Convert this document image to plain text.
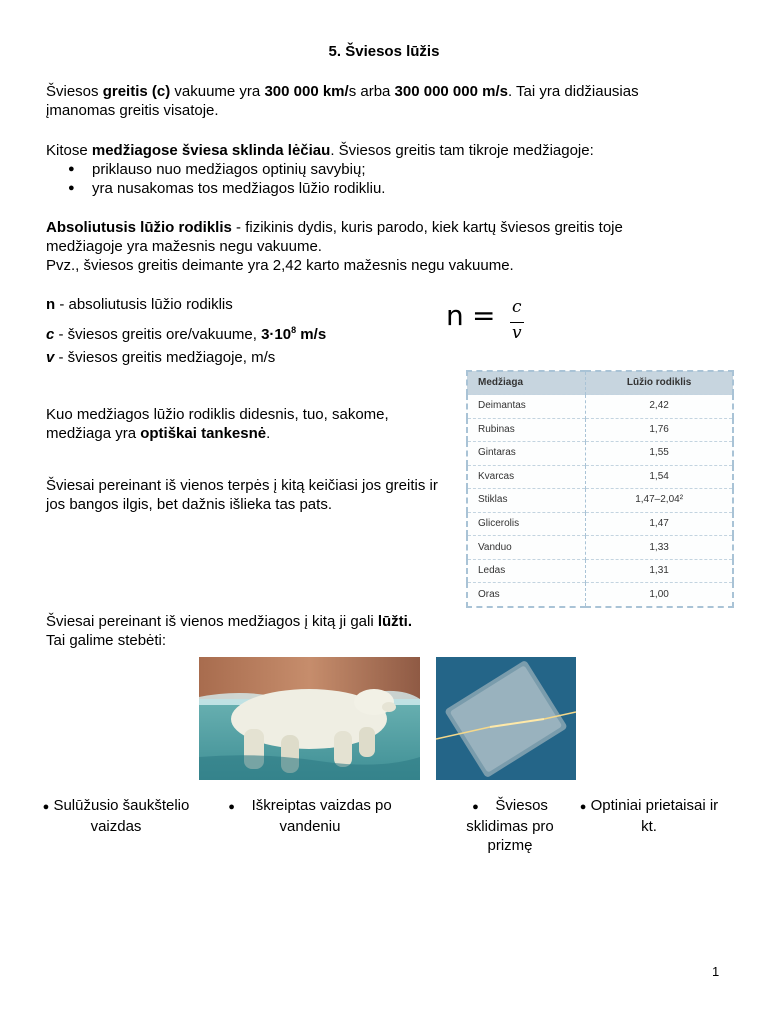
5. Šviesos lūžis
Šviesos greitis (c) vakuume yra 300 000 km/s arba 300 000 000 m/s. Tai yra didžiausias įmanomas greitis visatoje.
Kitose medžiagose šviesa sklinda lėčiau. Šviesos greitis tam tikroje medžiagoje:
● priklauso nuo medžiagos optinių savybių;
● yra nusakomas tos medžiagos lūžio rodikliu.
Absoliutusis lūžio rodiklis - fizikinis dydis, kuris parodo, kiek kartų šviesos greitis toje medžiagoje yra mažesnis negu vakuume.
Pvz., šviesos greitis deimante yra 2,42 karto mažesnis negu vakuume.
n - absoliutusis lūžio rodiklis
c - šviesos greitis ore/vakuume, $3\cdot 10^8$ m/s
v - šviesos greitis medžiagoje, m/s
n = c
v
Medžiaga	Lūžio rodiklis
Deimantas	2,42
Rubinas	1,76
Gintaras	1,55
Kvarcas	1,54
Stiklas	1,47–2,04²
Glicerolis	1,47
Vanduo	1,33
Ledas	1,31
Oras	1,00
Kuo medžiagos lūžio rodiklis didesnis, tuo, sakome, medžiaga yra optiškai tankesnė.
Šviesai pereinant iš vienos terpės į kitą keičiasi jos greitis ir jos bangos ilgis, bet dažnis išlieka tas pats.
Šviesai pereinant iš vienos medžiagos į kitą ji gali lūžti.
Tai galime stebėti:
● Sulūžusio šaukštelio vaizdas
● Iškreiptas vaizdas po vandeniu
● Šviesos sklidimas pro prizmę
● Optiniai prietaisai ir kt.
1
